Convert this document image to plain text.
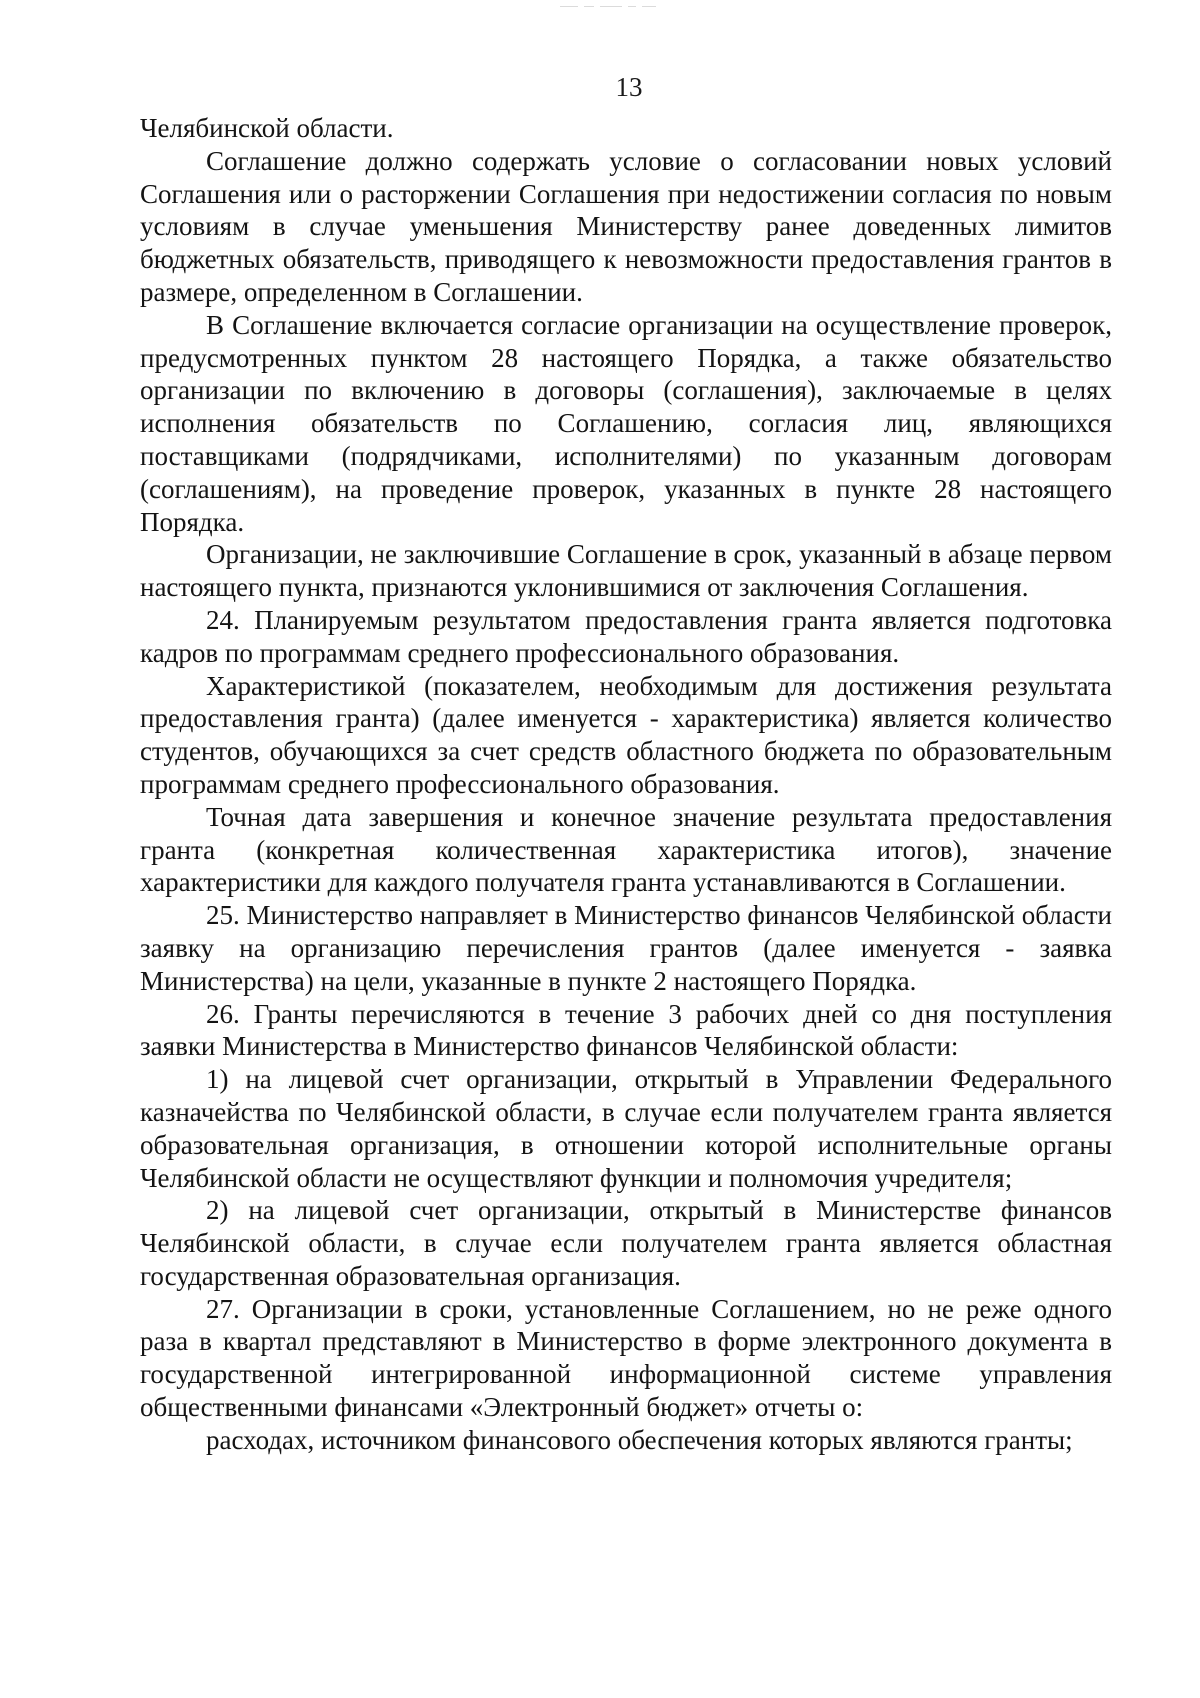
13

Челябинской области.

Соглашение должно содержать условие о согласовании новых условий Соглашения или о расторжении Соглашения при недостижении согласия по новым условиям в случае уменьшения Министерству ранее доведенных лимитов бюджетных обязательств, приводящего к невозможности предоставления грантов в размере, определенном в Соглашении.

В Соглашение включается согласие организации на осуществление проверок, предусмотренных пунктом 28 настоящего Порядка, а также обязательство организации по включению в договоры (соглашения), заключаемые в целях исполнения обязательств по Соглашению, согласия лиц, являющихся поставщиками (подрядчиками, исполнителями) по указанным договорам (соглашениям), на проведение проверок, указанных в пункте 28 настоящего Порядка.

Организации, не заключившие Соглашение в срок, указанный в абзаце первом настоящего пункта, признаются уклонившимися от заключения Соглашения.

24. Планируемым результатом предоставления гранта является подготовка кадров по программам среднего профессионального образования.

Характеристикой (показателем, необходимым для достижения результата предоставления гранта) (далее именуется - характеристика) является количество студентов, обучающихся за счет средств областного бюджета по образовательным программам среднего профессионального образования.

Точная дата завершения и конечное значение результата предоставления гранта (конкретная количественная характеристика итогов), значение характеристики для каждого получателя гранта устанавливаются в Соглашении.

25. Министерство направляет в Министерство финансов Челябинской области заявку на организацию перечисления грантов (далее именуется - заявка Министерства) на цели, указанные в пункте 2 настоящего Порядка.

26. Гранты перечисляются в течение 3 рабочих дней со дня поступления заявки Министерства в Министерство финансов Челябинской области:

1) на лицевой счет организации, открытый в Управлении Федерального казначейства по Челябинской области, в случае если получателем гранта является образовательная организация, в отношении которой исполнительные органы Челябинской области не осуществляют функции и полномочия учредителя;

2) на лицевой счет организации, открытый в Министерстве финансов Челябинской области, в случае если получателем гранта является областная государственная образовательная организация.

27. Организации в сроки, установленные Соглашением, но не реже одного раза в квартал представляют в Министерство в форме электронного документа в государственной интегрированной информационной системе управления общественными финансами «Электронный бюджет» отчеты о:

расходах, источником финансового обеспечения которых являются гранты;
